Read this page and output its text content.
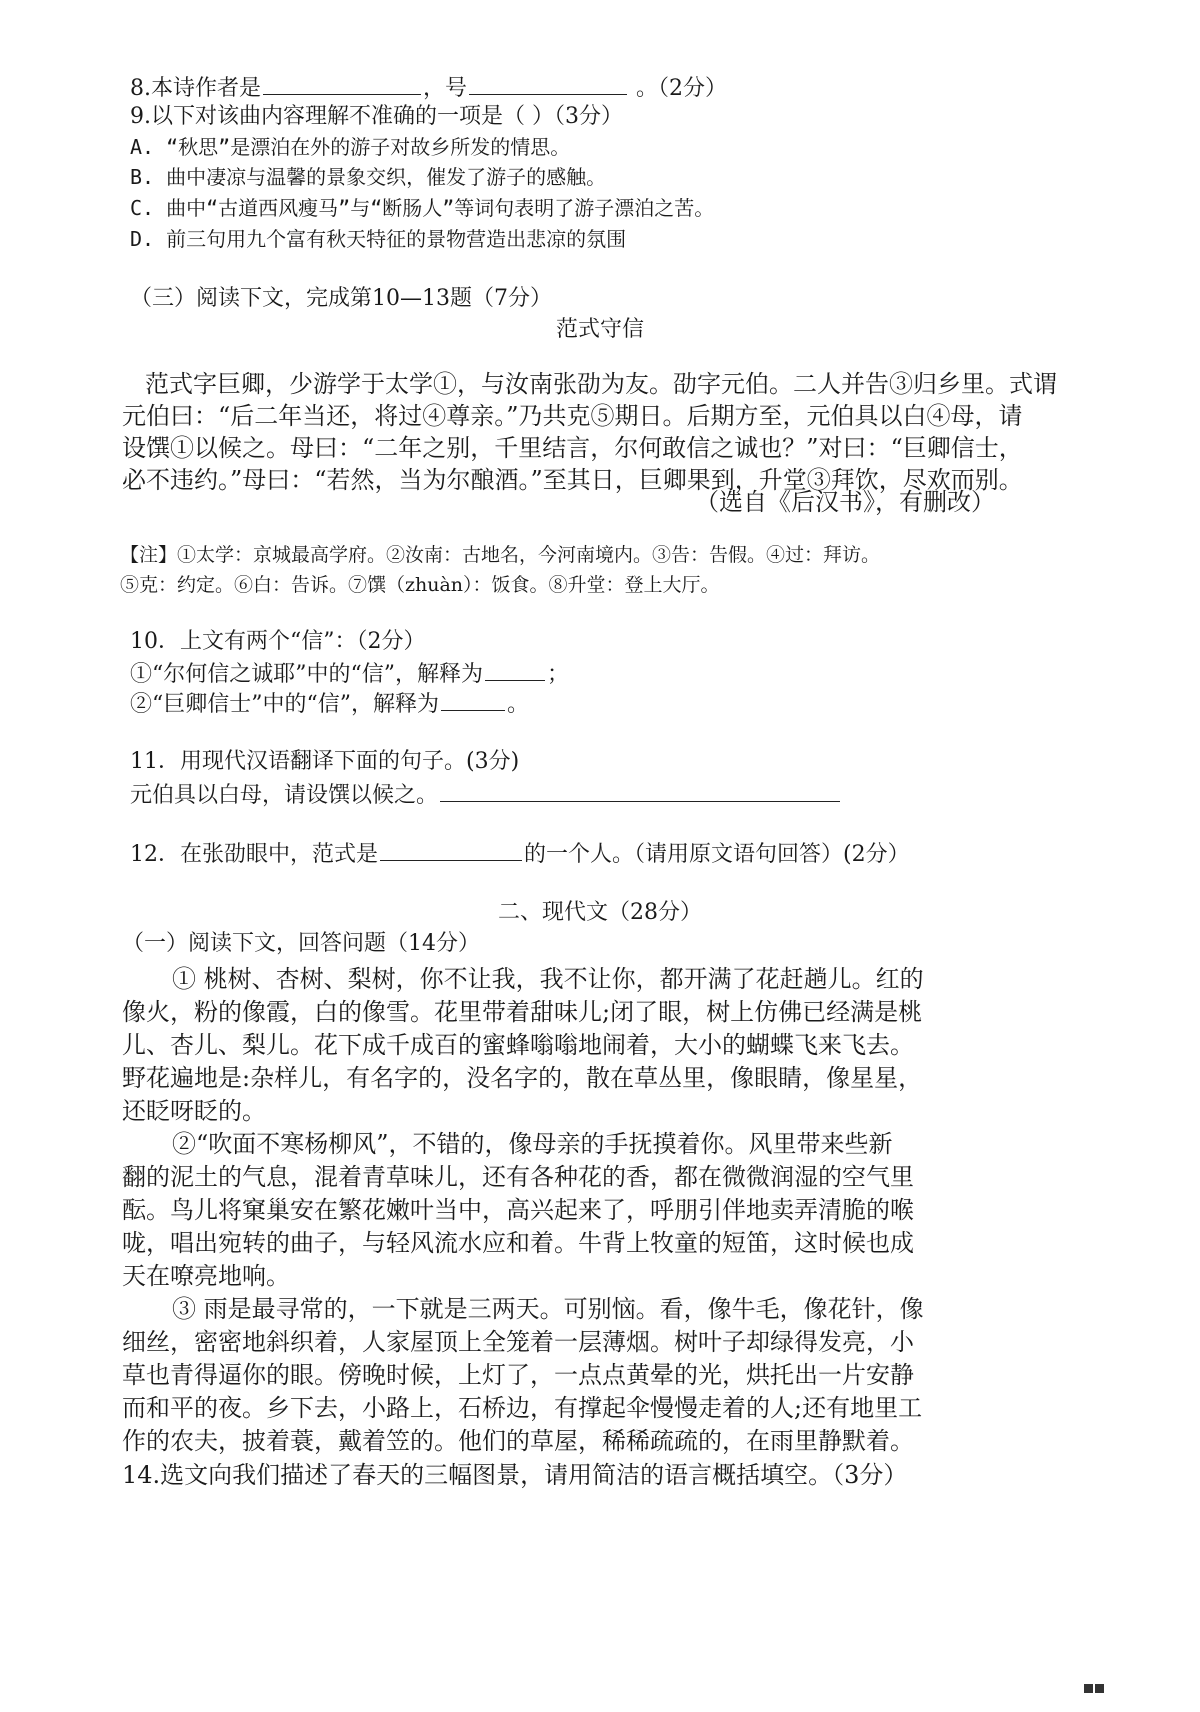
8.本诗作者是	，号	。（2分）
9.以下对该曲内容理解不准确的一项是（ ）（3分）
A. “秋思”是漂泊在外的游子对故乡所发的情思。
B. 曲中凄凉与温馨的景象交织，催发了游子的感触。
C. 曲中“古道西风瘦马”与“断肠人”等词句表明了游子漂泊之苦。
D. 前三句用九个富有秋天特征的景物营造出悲凉的氛围
（三）阅读下文，完成第10—13题（7分）
范式守信
范式字巨卿，少游学于太学①，与汝南张劭为友。劭字元伯。二人并告③归乡里。式谓
元伯曰：“后二年当还，将过④尊亲。”乃共克⑤期日。后期方至，元伯具以白④母，请
设馔①以候之。母曰：“二年之别，千里结言，尔何敢信之诚也？”对曰：“巨卿信士，
必不违约。”母曰：“若然，当为尔酿酒。”至其日，巨卿果到，升堂③拜饮，尽欢而别。
（选自《后汉书》，有删改）
【注】①太学：京城最高学府。②汝南：古地名，今河南境内。③告：告假。④过：拜访。
⑤克：约定。⑥白：告诉。⑦馔（zhuàn）：饭食。⑧升堂：登上大厅。
10．上文有两个“信”：（2分）
①“尔何信之诚耶”中的“信”，解释为	；
②“巨卿信士”中的“信”，解释为	。
11．用现代汉语翻译下面的句子。(3分)
元伯具以白母，请设馔以候之。
12．在张劭眼中，范式是	的一个人。（请用原文语句回答）(2分）
二、现代文（28分）
（一）阅读下文，回答问题（14分）
① 桃树、杏树、梨树，你不让我，我不让你，都开满了花赶趟儿。红的
像火，粉的像霞，白的像雪。花里带着甜味儿;闭了眼，树上仿佛已经满是桃
儿、杏儿、梨儿。花下成千成百的蜜蜂嗡嗡地闹着，大小的蝴蝶飞来飞去。
野花遍地是:杂样儿，有名字的，没名字的，散在草丛里，像眼睛，像星星，
还眨呀眨的。
②“吹面不寒杨柳风”，不错的，像母亲的手抚摸着你。风里带来些新
翻的泥土的气息，混着青草味儿，还有各种花的香，都在微微润湿的空气里
酝。鸟儿将窠巢安在繁花嫩叶当中，高兴起来了，呼朋引伴地卖弄清脆的喉
咙，唱出宛转的曲子，与轻风流水应和着。牛背上牧童的短笛，这时候也成
天在嘹亮地响。
③ 雨是最寻常的，一下就是三两天。可别恼。看，像牛毛，像花针，像
细丝，密密地斜织着，人家屋顶上全笼着一层薄烟。树叶子却绿得发亮，小
草也青得逼你的眼。傍晚时候，上灯了，一点点黄晕的光，烘托出一片安静
而和平的夜。乡下去，小路上，石桥边，有撑起伞慢慢走着的人;还有地里工
作的农夫，披着蓑，戴着笠的。他们的草屋，稀稀疏疏的，在雨里静默着。
14.选文向我们描述了春天的三幅图景，请用简洁的语言概括填空。（3分）
